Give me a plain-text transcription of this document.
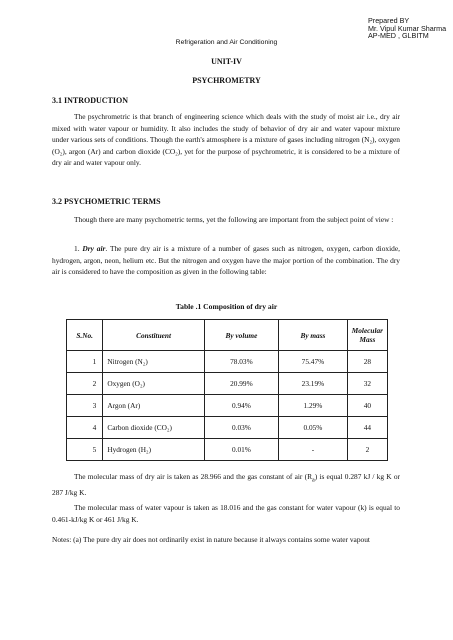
Prepared BY
Mr. Vipul Kumar Sharma
AP-MED , GLBITM
Refrigeration and Air Conditioning
UNIT-IV
PSYCHROMETRY
3.1 INTRODUCTION

The psychrometric is that branch of engineering science which deals with the study of moist air i.e., dry air mixed with water vapour or humidity. It also includes the study of behavior of dry air and water vapour mixture under various sets of conditions. Though the earth's atmosphere is a mixture of gases including nitrogen (N₂), oxygen (O₂), argon (Ar) and carbon dioxide (CO₂), yet for the purpose of psychrometric, it is considered to be a mixture of dry air and water vapour only.

3.2 PSYCHOMETRIC TERMS

Though there are many psychometric terms, yet the following are important from the subject point of view :

1. Dry air. The pure dry air is a mixture of a number of gases such as nitrogen, oxygen, carbon dioxide, hydrogen, argon, neon, helium etc. But the nitrogen and oxygen have the major portion of the combination. The dry air is considered to have the composition as given in the following table:

Table .1 Composition of dry air
S.No.	Constituent	By volume	By mass	Molecular Mass
1	Nitrogen (N₂)	78.03%	75.47%	28
2	Oxygen (O₂)	20.99%	23.19%	32
3	Argon (Ar)	0.94%	1.29%	40
4	Carbon dioxide (CO₂)	0.03%	0.05%	44
5	Hydrogen (H₂)	0.01%	-	2

The molecular mass of dry air is taken as 28.966 and the gas constant of air $(R_a)$ is equal 0.287 kJ / kg K or 287 J/kg K.

The molecular mass of water vapour is taken as 18.016 and the gas constant for water vapour (k) is equal to 0.461-kJ/kg K or 461 J/kg K.

Notes: (a) The pure dry air does not ordinarily exist in nature because it always contains some water vapout
